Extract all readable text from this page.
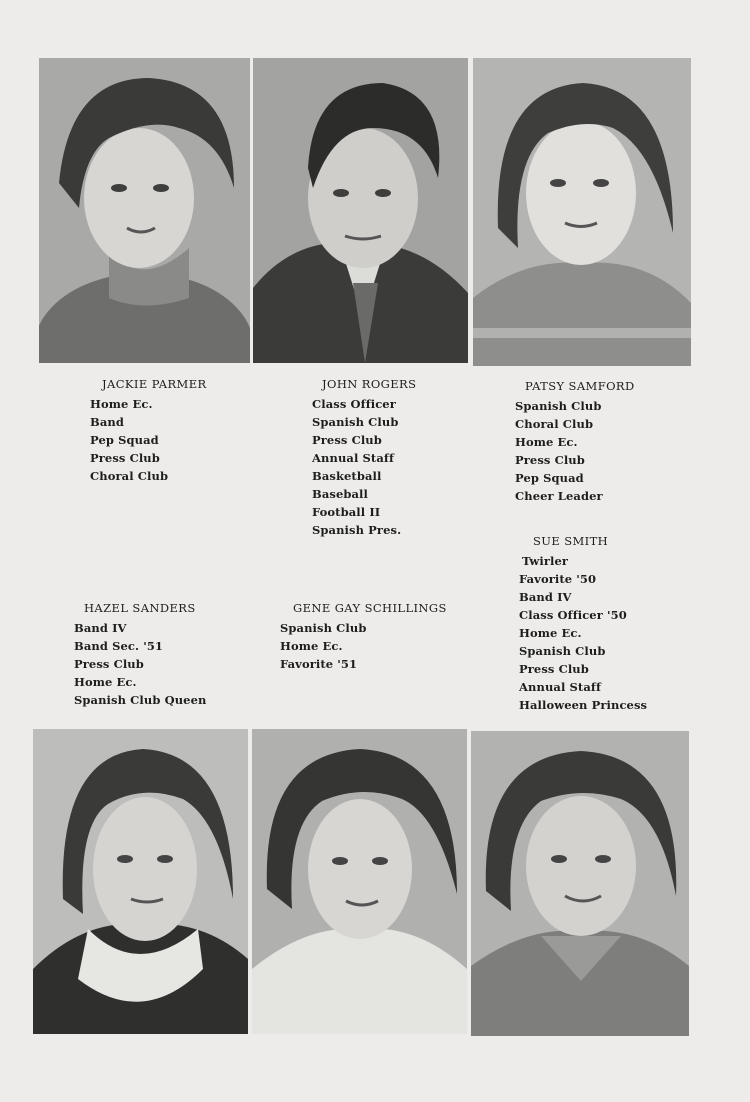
JACKIE PARMER
Home Ec.
Band
Pep Squad
Press Club
Choral Club
JOHN ROGERS
Class Officer
Spanish Club
Press Club
Annual Staff
Basketball
Baseball
Football II
Spanish Pres.
PATSY SAMFORD
Spanish Club
Choral Club
Home Ec.
Press Club
Pep Squad
Cheer Leader
SUE SMITH
Twirler
Favorite '50
Band IV
Class Officer '50
Home Ec.
Spanish Club
Press Club
Annual Staff
Halloween Princess
HAZEL SANDERS
Band IV
Band Sec. '51
Press Club
Home Ec.
Spanish Club Queen
GENE GAY SCHILLINGS
Spanish Club
Home Ec.
Favorite '51
